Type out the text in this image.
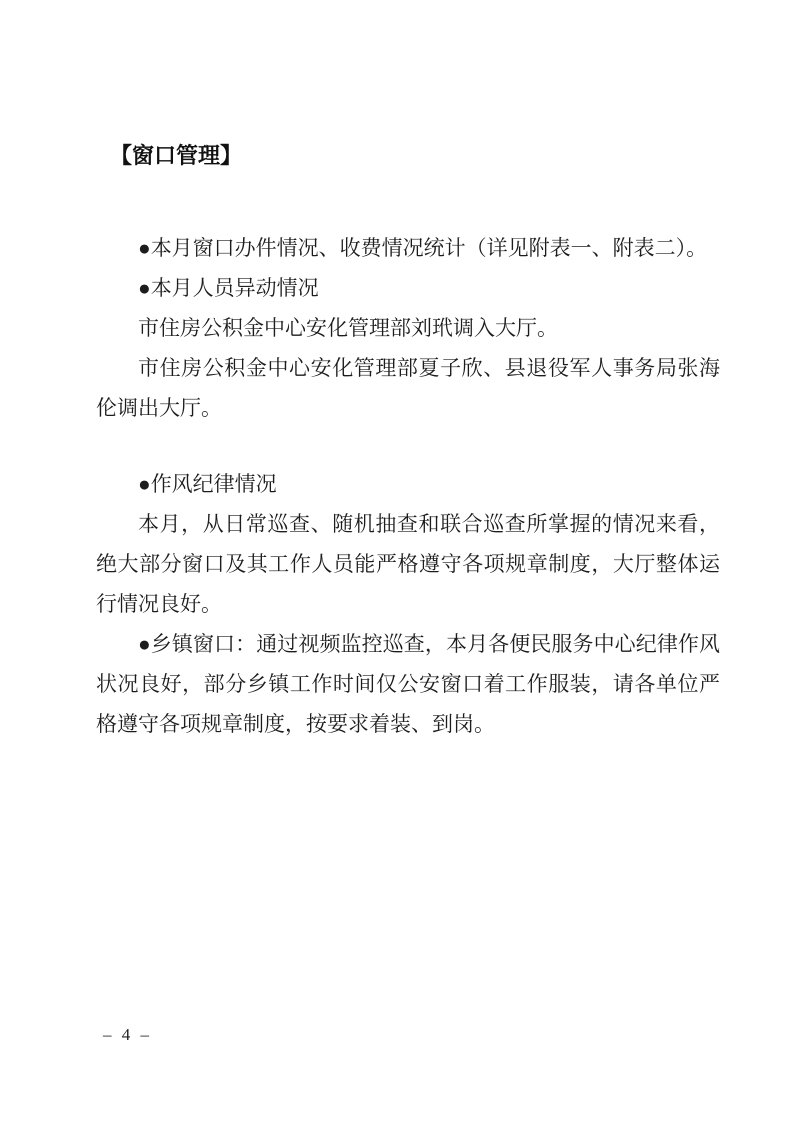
【窗口管理】

●本月窗口办件情况、收费情况统计（详见附表一、附表二）。

●本月人员异动情况

市住房公积金中心安化管理部刘玳调入大厅。

市住房公积金中心安化管理部夏子欣、县退役军人事务局张海伦调出大厅。

●作风纪律情况

本月，从日常巡查、随机抽查和联合巡查所掌握的情况来看，绝大部分窗口及其工作人员能严格遵守各项规章制度，大厅整体运行情况良好。

●乡镇窗口：通过视频监控巡查，本月各便民服务中心纪律作风状况良好，部分乡镇工作时间仅公安窗口着工作服装，请各单位严格遵守各项规章制度，按要求着装、到岗。

– 4 –
